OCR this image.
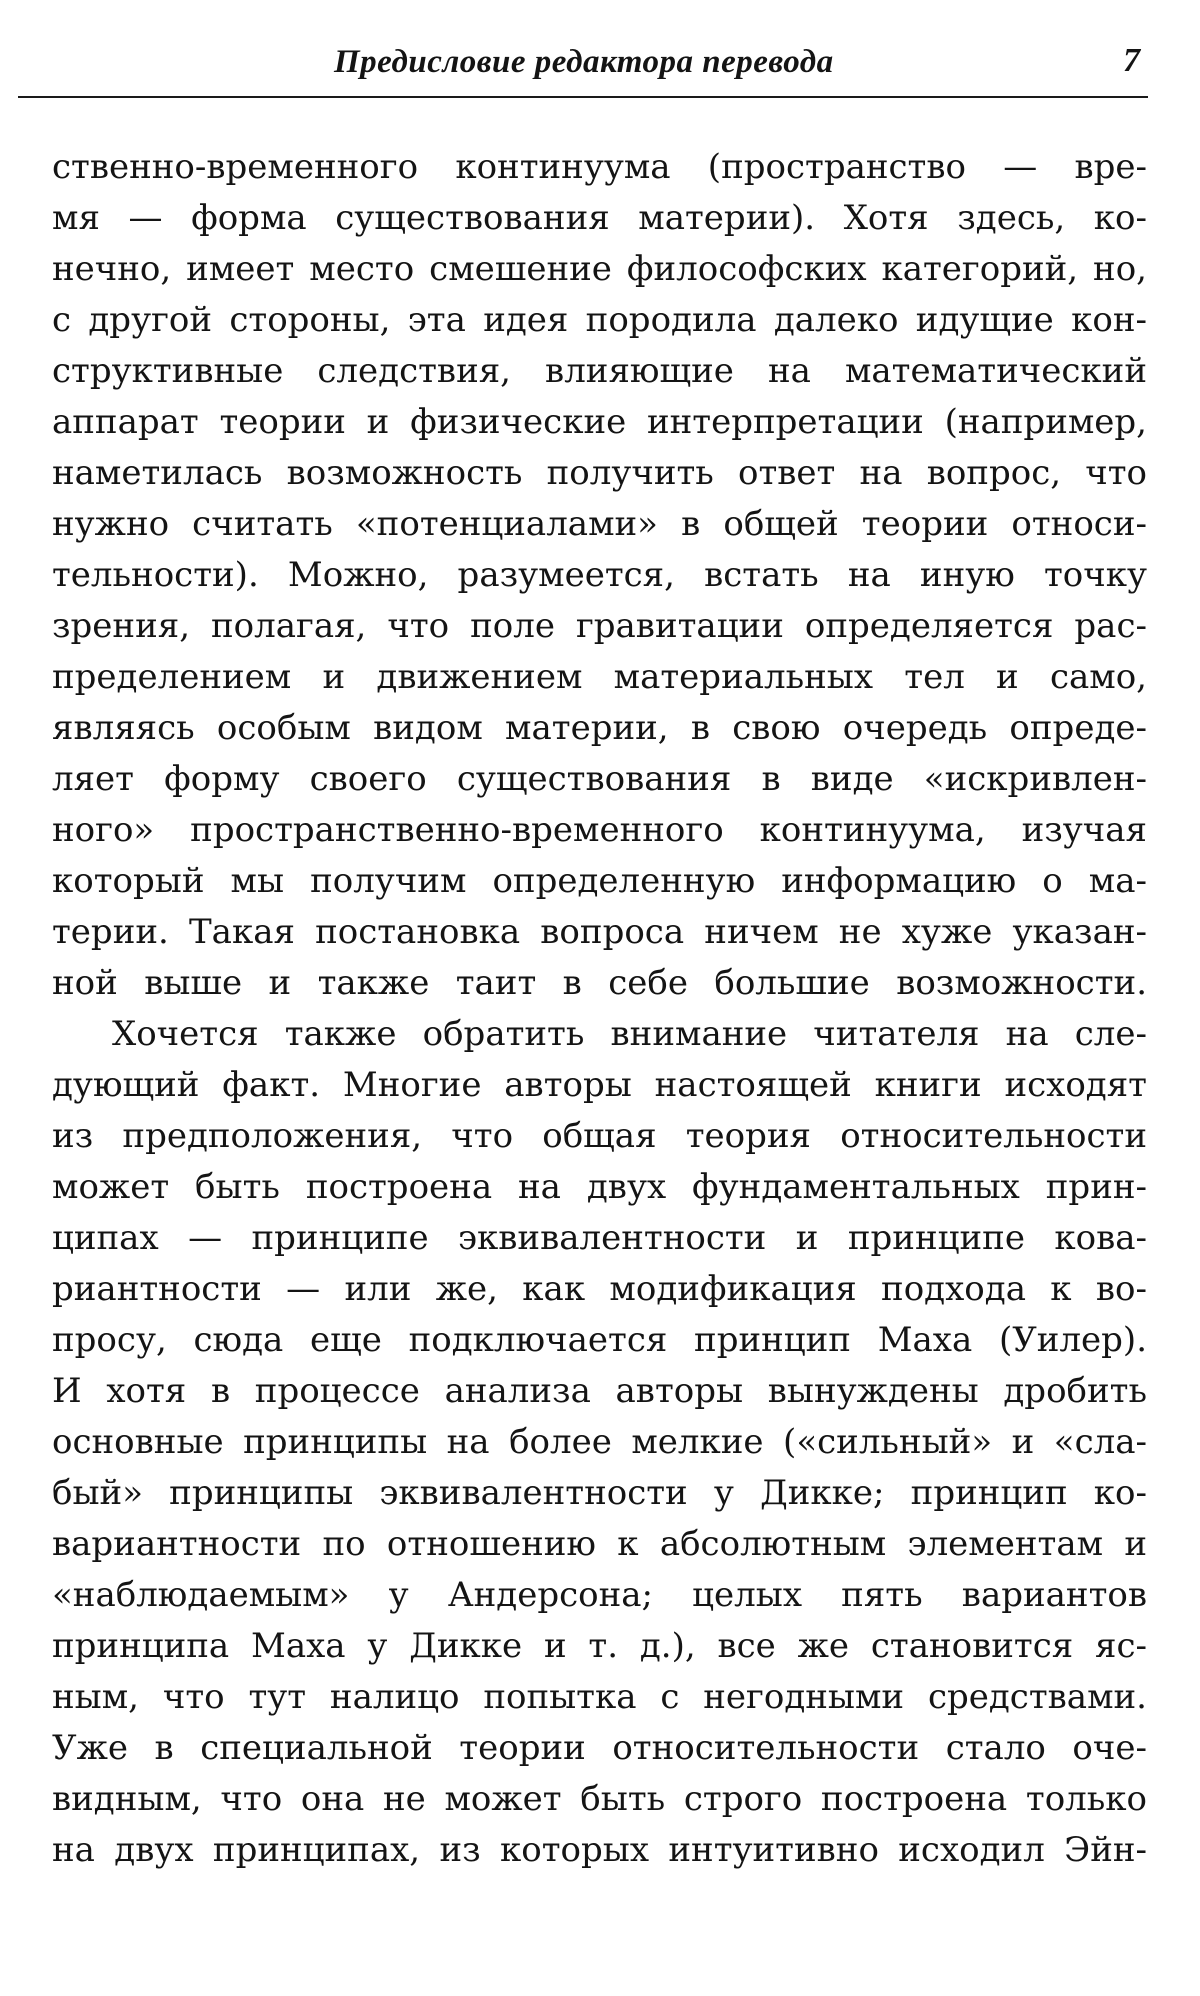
Предисловие редактора перевода	7
ственно-временного континуума (пространство — вре-
мя — форма существования материи). Хотя здесь, ко-
нечно, имеет место смешение философских категорий, но,
с другой стороны, эта идея породила далеко идущие кон-
структивные следствия, влияющие на математический
аппарат теории и физические интерпретации (например,
наметилась возможность получить ответ на вопрос, что
нужно считать «потенциалами» в общей теории относи-
тельности). Можно, разумеется, встать на иную точку
зрения, полагая, что поле гравитации определяется рас-
пределением и движением материальных тел и само,
являясь особым видом материи, в свою очередь опреде-
ляет форму своего существования в виде «искривлен-
ного» пространственно-временного континуума, изучая
который мы получим определенную информацию о ма-
терии. Такая постановка вопроса ничем не хуже указан-
ной выше и также таит в себе большие возможности.
Хочется также обратить внимание читателя на сле-
дующий факт. Многие авторы настоящей книги исходят
из предположения, что общая теория относительности
может быть построена на двух фундаментальных прин-
ципах — принципе эквивалентности и принципе кова-
риантности — или же, как модификация подхода к во-
просу, сюда еще подключается принцип Маха (Уилер).
И хотя в процессе анализа авторы вынуждены дробить
основные принципы на более мелкие («сильный» и «сла-
бый» принципы эквивалентности у Дикке; принцип ко-
вариантности по отношению к абсолютным элементам и
«наблюдаемым» у Андерсона; целых пять вариантов
принципа Маха у Дикке и т. д.), все же становится яс-
ным, что тут налицо попытка с негодными средствами.
Уже в специальной теории относительности стало оче-
видным, что она не может быть строго построена только
на двух принципах, из которых интуитивно исходил Эйн-
